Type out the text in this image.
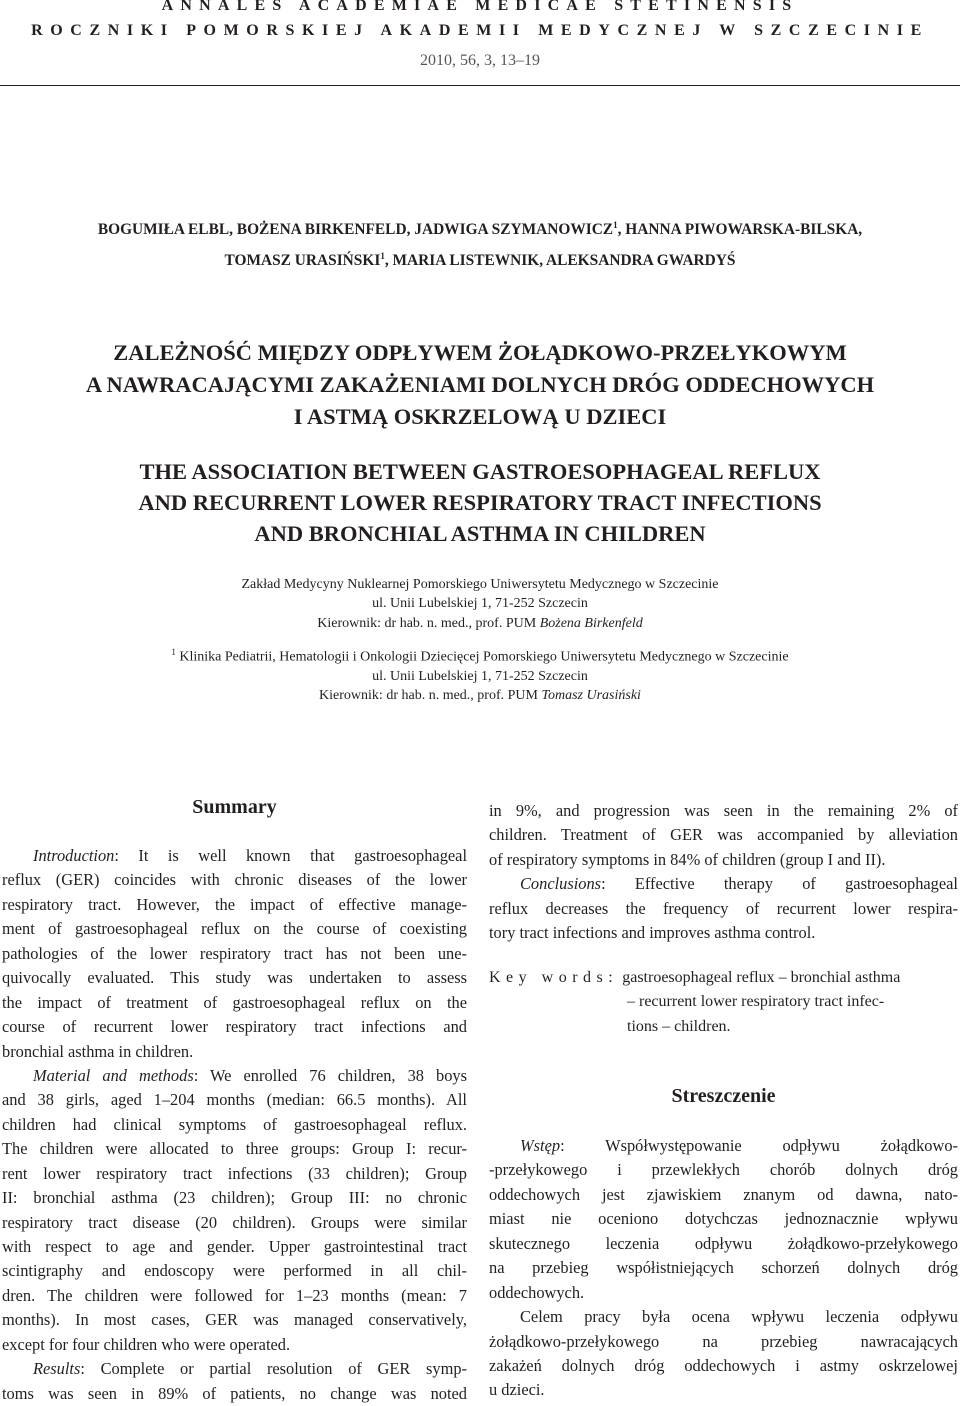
ANNALES ACADEMIAE MEDICAE STETINENSIS
ROCZNIKI POMORSKIEJ AKADEMII MEDYCZNEJ W SZCZECINIE
2010, 56, 3, 13–19
BOGUMIŁA ELBL, BOŻENA BIRKENFELD, JADWIGA SZYMANOWICZ$^1$, HANNA PIWOWARSKA-BILSKA,
TOMASZ URASIŃSKI$^1$, MARIA LISTEWNIK, ALEKSANDRA GWARDYŚ
ZALEŻNOŚĆ MIĘDZY ODPŁYWEM ŻOŁĄDKOWO-PRZEŁYKOWYM
A NAWRACAJĄCYMI ZAKAŻENIAMI DOLNYCH DRÓG ODDECHOWYCH
I ASTMĄ OSKRZELOWĄ U DZIECI
THE ASSOCIATION BETWEEN GASTROESOPHAGEAL REFLUX
AND RECURRENT LOWER RESPIRATORY TRACT INFECTIONS
AND BRONCHIAL ASTHMA IN CHILDREN
Zakład Medycyny Nuklearnej Pomorskiego Uniwersytetu Medycznego w Szczecinie
ul. Unii Lubelskiej 1, 71-252 Szczecin
Kierownik: dr hab. n. med., prof. PUM Bożena Birkenfeld
$^1$ Klinika Pediatrii, Hematologii i Onkologii Dziecięcej Pomorskiego Uniwersytetu Medycznego w Szczecinie
ul. Unii Lubelskiej 1, 71-252 Szczecin
Kierownik: dr hab. n. med., prof. PUM Tomasz Urasiński
Summary
Introduction: It is well known that gastroesophageal
reflux (GER) coincides with chronic diseases of the lower
respiratory tract. However, the impact of effective manage-
ment of gastroesophageal reflux on the course of coexisting
pathologies of the lower respiratory tract has not been une-
quivocally evaluated. This study was undertaken to assess
the impact of treatment of gastroesophageal reflux on the
course of recurrent lower respiratory tract infections and
bronchial asthma in children.
Material and methods: We enrolled 76 children, 38 boys
and 38 girls, aged 1–204 months (median: 66.5 months). All
children had clinical symptoms of gastroesophageal reflux.
The children were allocated to three groups: Group I: recur-
rent lower respiratory tract infections (33 children); Group
II: bronchial asthma (23 children); Group III: no chronic
respiratory tract disease (20 children). Groups were similar
with respect to age and gender. Upper gastrointestinal tract
scintigraphy and endoscopy were performed in all chil-
dren. The children were followed for 1–23 months (mean: 7
months). In most cases, GER was managed conservatively,
except for four children who were operated.
Results: Complete or partial resolution of GER symp-
toms was seen in 89% of patients, no change was noted
in 9%, and progression was seen in the remaining 2% of
children. Treatment of GER was accompanied by alleviation
of respiratory symptoms in 84% of children (group I and II).
Conclusions: Effective therapy of gastroesophageal
reflux decreases the frequency of recurrent lower respira-
tory tract infections and improves asthma control.
Key words: gastroesophageal reflux – bronchial asthma
– recurrent lower respiratory tract infec-
tions – children.
Streszczenie
Wstęp: Współwystępowanie odpływu żołądkowo-
-przełykowego i przewlekłych chorób dolnych dróg
oddechowych jest zjawiskiem znanym od dawna, nato-
miast nie oceniono dotychczas jednoznacznie wpływu
skutecznego leczenia odpływu żołądkowo-przełykowego
na przebieg współistniejących schorzeń dolnych dróg
oddechowych.
Celem pracy była ocena wpływu leczenia odpływu
żołądkowo-przełykowego na przebieg nawracających
zakażeń dolnych dróg oddechowych i astmy oskrzelowej
u dzieci.
